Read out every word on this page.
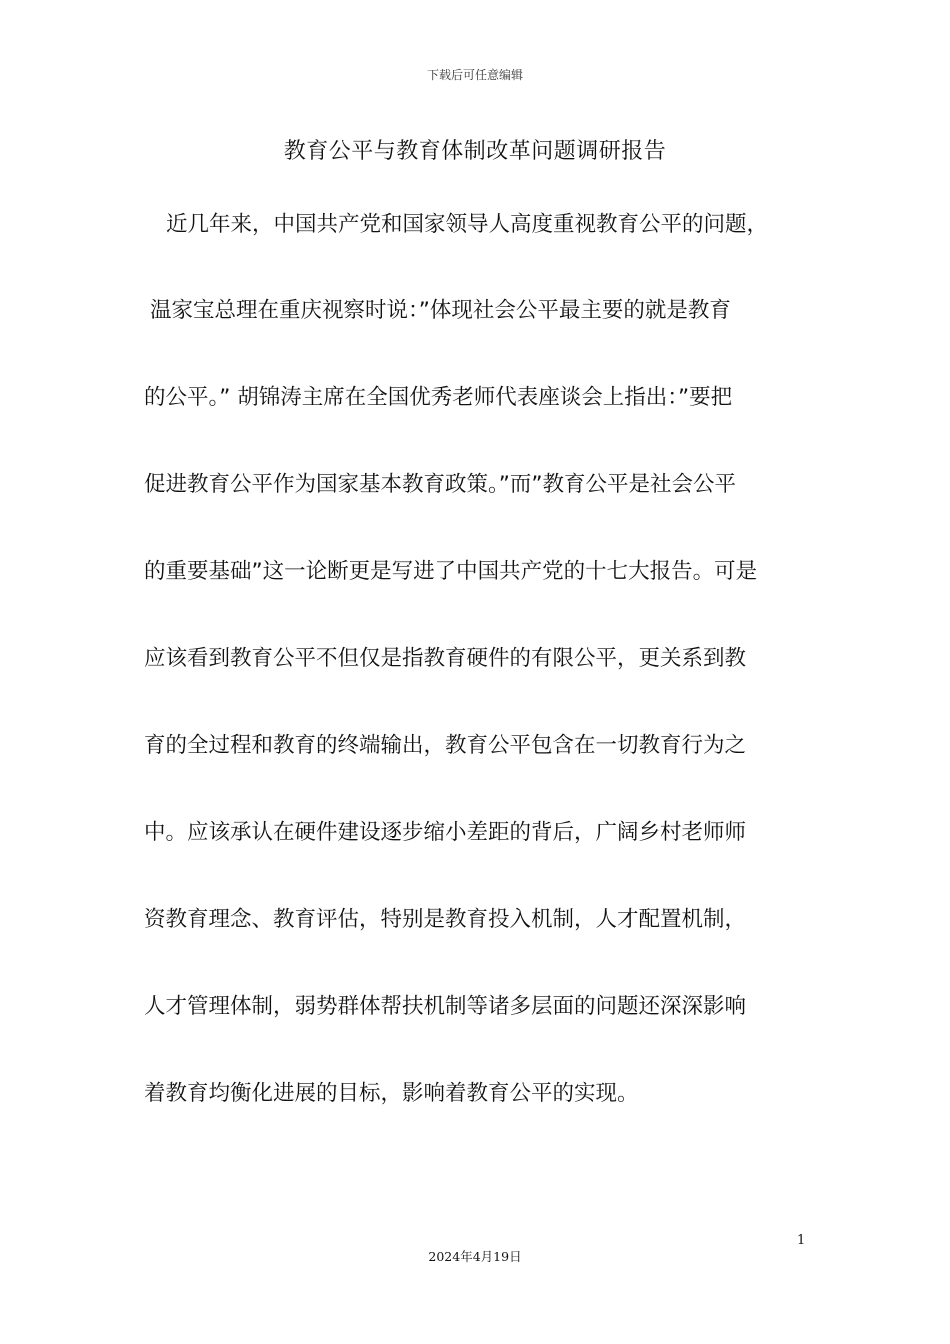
下载后可任意编辑
教育公平与教育体制改革问题调研报告
近几年来，中国共产党和国家领导人高度重视教育公平的问题，
温家宝总理在重庆视察时说：”体现社会公平最主要的就是教育
的公平。” 胡锦涛主席在全国优秀老师代表座谈会上指出：”要把
促进教育公平作为国家基本教育政策。”而”教育公平是社会公平
的重要基础”这一论断更是写进了中国共产党的十七大报告。可是
应该看到教育公平不但仅是指教育硬件的有限公平，更关系到教
育的全过程和教育的终端输出，教育公平包含在一切教育行为之
中。应该承认在硬件建设逐步缩小差距的背后，广阔乡村老师师
资教育理念、教育评估，特别是教育投入机制，人才配置机制，
人才管理体制，弱势群体帮扶机制等诸多层面的问题还深深影响
着教育均衡化进展的目标，影响着教育公平的实现。
1
2024年4月19日
